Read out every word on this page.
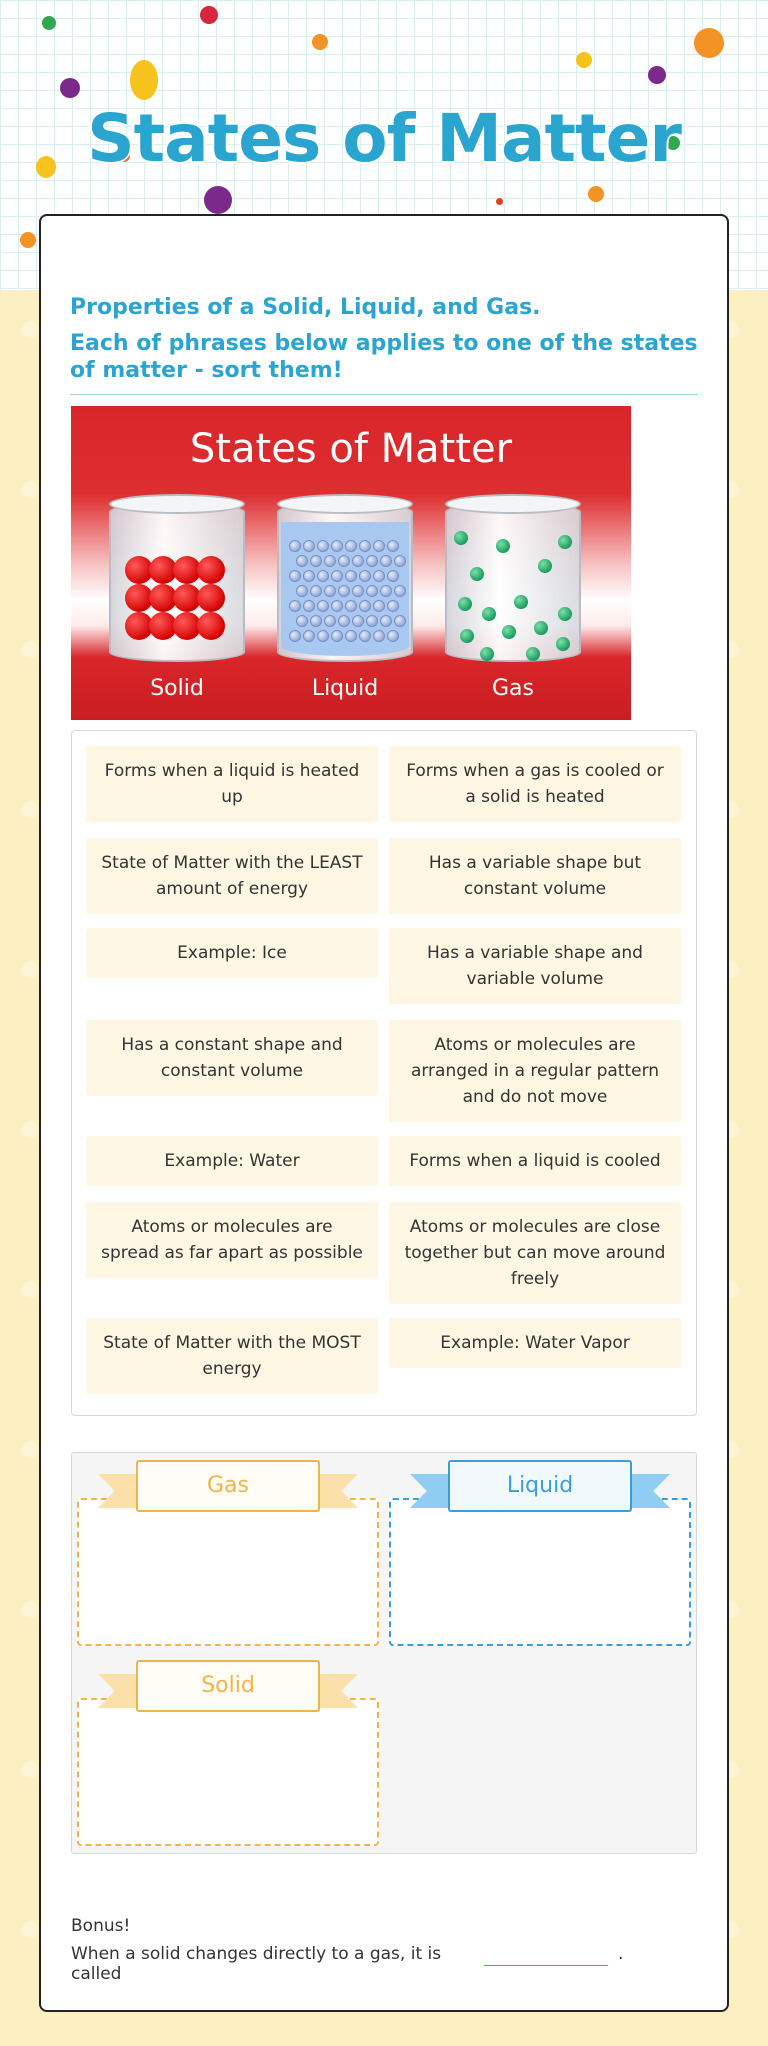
States of Matter
Properties of a Solid, Liquid, and Gas.
Each of phrases below applies to one of the states of matter - sort them!
States of Matter
Solid	Liquid	Gas
Forms when a liquid is heated up
Forms when a gas is cooled or a solid is heated
State of Matter with the LEAST amount of energy
Has a variable shape but constant volume
Example: Ice	Has a variable shape and variable volume
Has a constant shape and constant volume
Atoms or molecules are arranged in a regular pattern and do not move
Example: Water	Forms when a liquid is cooled
Atoms or molecules are spread as far apart as possible
Atoms or molecules are close together but can move around freely
State of Matter with the MOST energy
Example: Water Vapor
Gas	Liquid
Solid
Bonus!
When a solid changes directly to a gas, it is called
.
